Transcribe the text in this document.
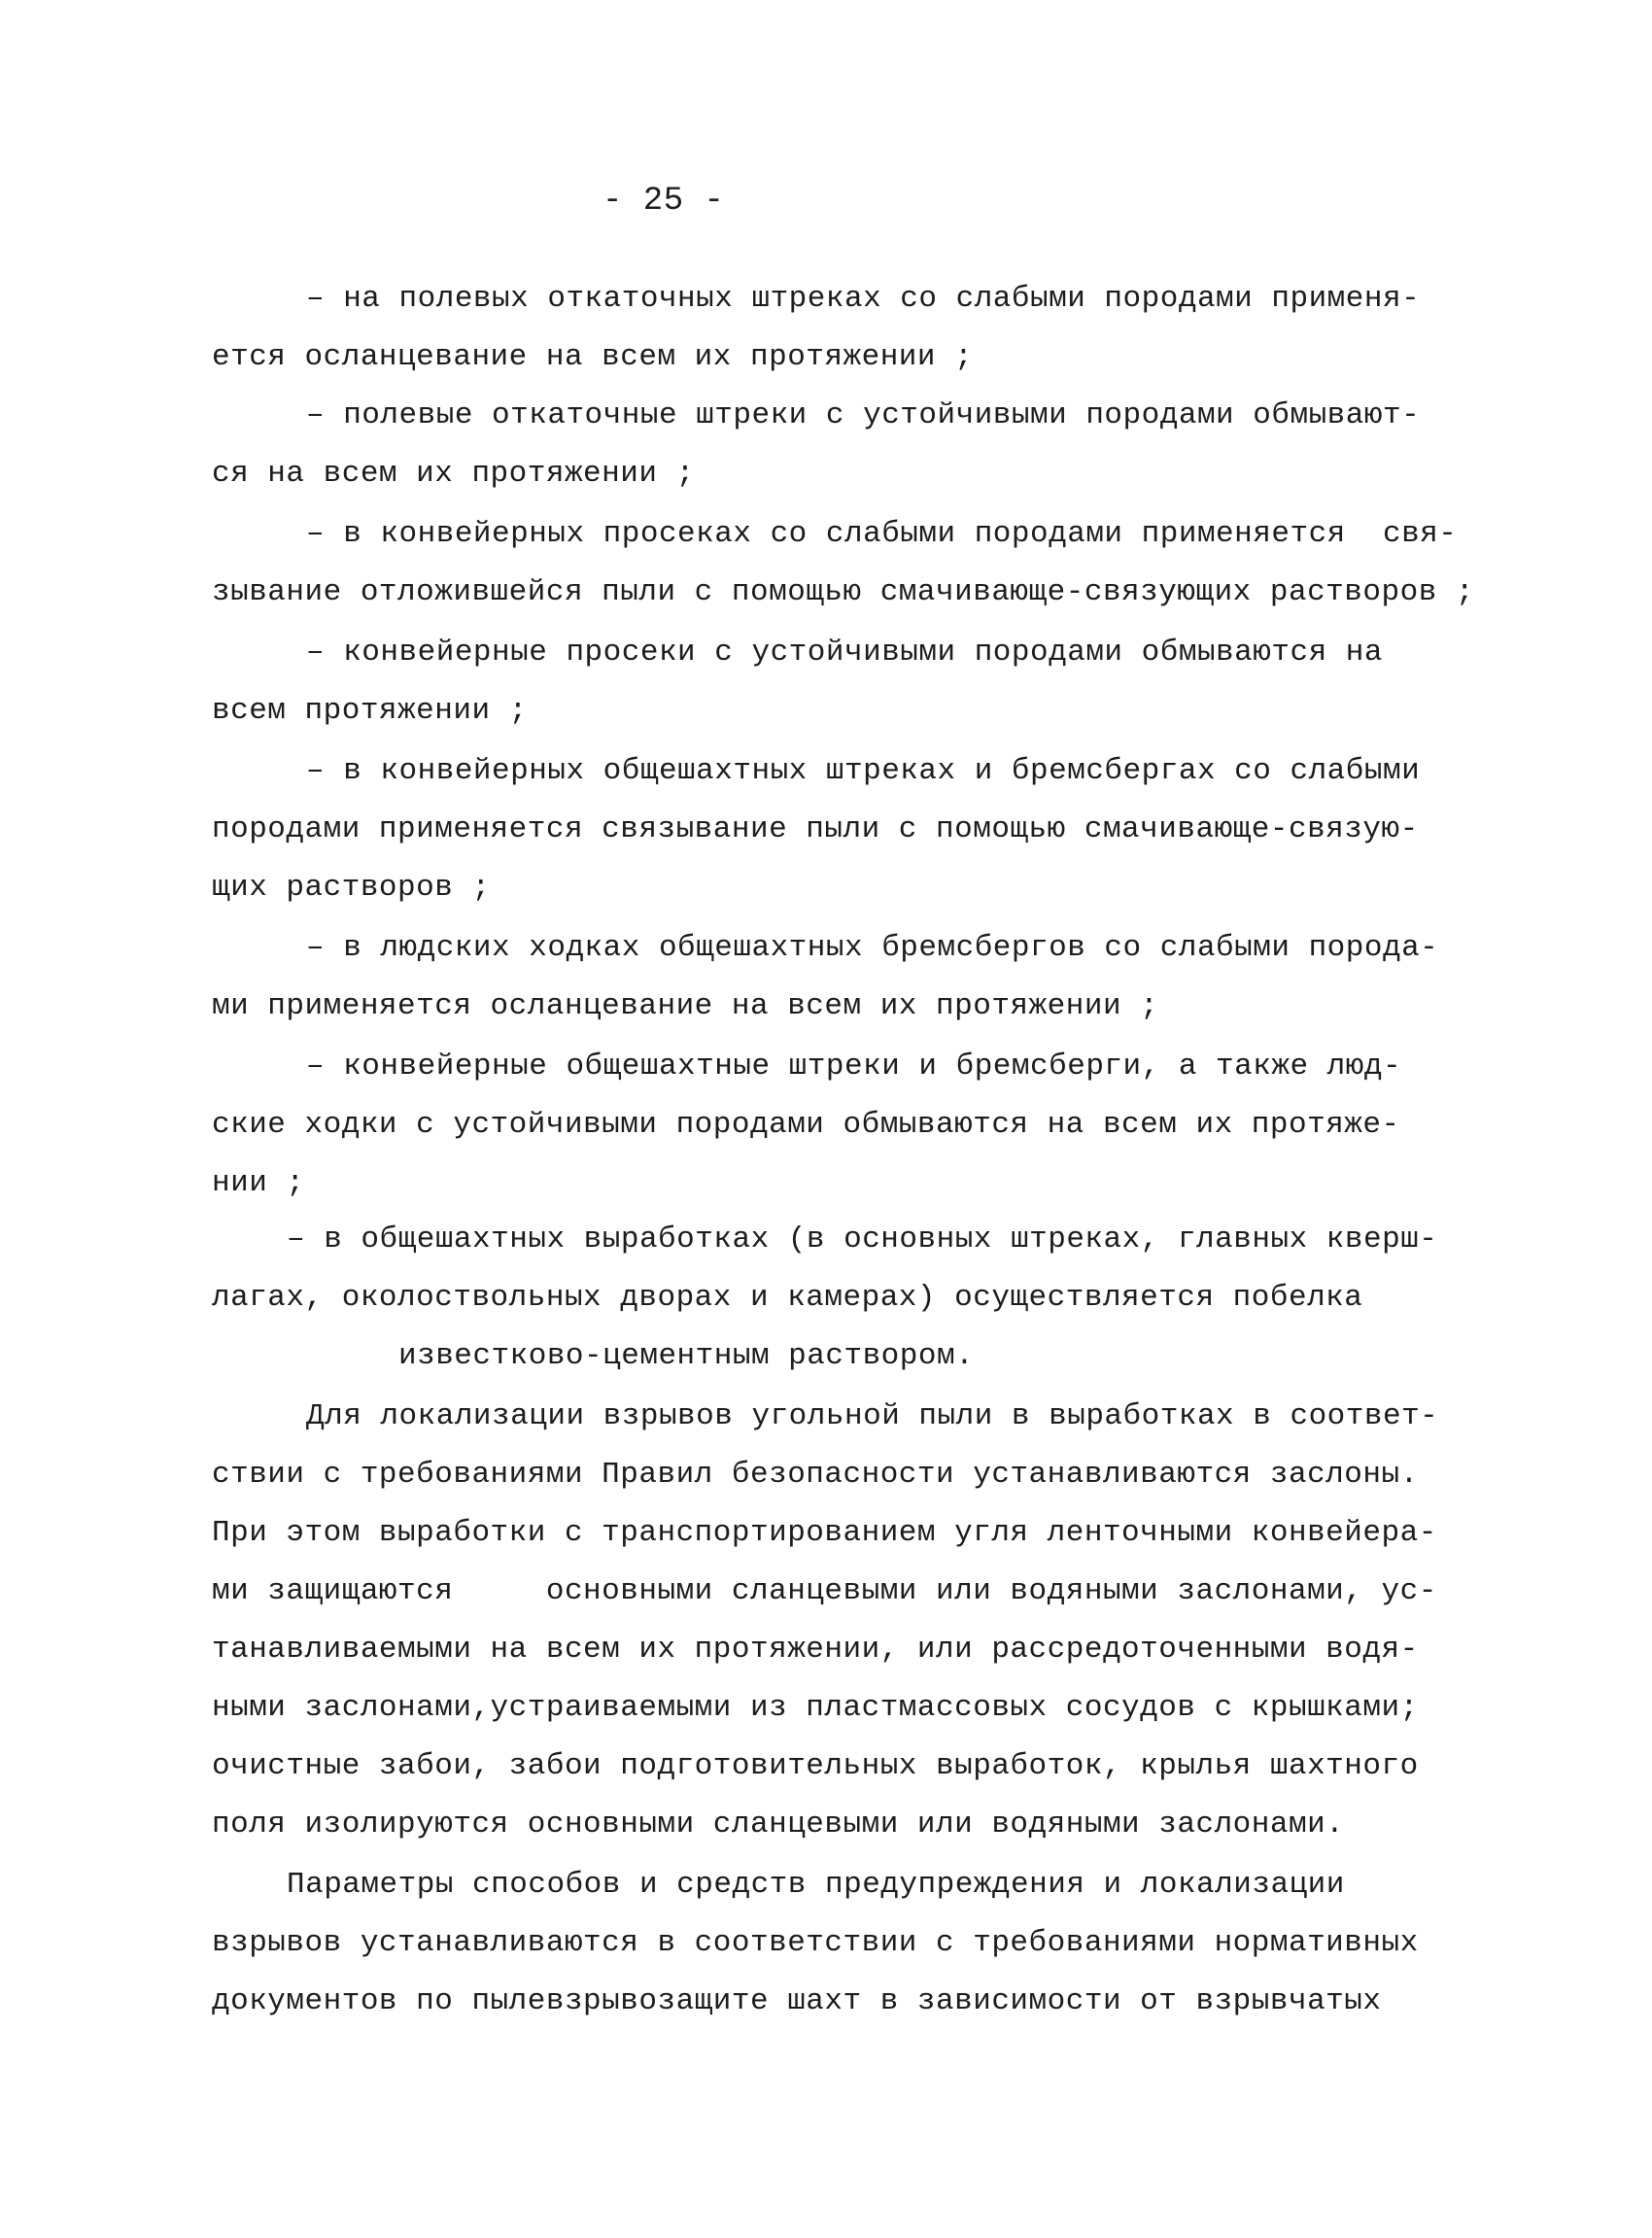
- 25 -
– на полевых откаточных штреках со слабыми породами применя-
ется осланцевание на всем их протяжении ;
– полевые откаточные штреки с устойчивыми породами обмывают-
ся на всем их протяжении ;
– в конвейерных просеках со слабыми породами применяется  свя-
зывание отложившейся пыли с помощью смачивающе-связующих растворов ;
– конвейерные просеки с устойчивыми породами обмываются на
всем протяжении ;
– в конвейерных общешахтных штреках и бремсбергах со слабыми
породами применяется связывание пыли с помощью смачивающе-связую-
щих растворов ;
– в людских ходках общешахтных бремсбергов со слабыми порода-
ми применяется осланцевание на всем их протяжении ;
– конвейерные общешахтные штреки и бремсберги, а также люд-
ские ходки с устойчивыми породами обмываются на всем их протяже-
нии ;
– в общешахтных выработках (в основных штреках, главных кверш-
лагах, околоствольных дворах и камерах) осуществляется побелка
известково-цементным раствором.
Для локализации взрывов угольной пыли в выработках в соответ-
ствии с требованиями Правил безопасности устанавливаются заслоны.
При этом выработки с транспортированием угля ленточными конвейера-
ми защищаются     основными сланцевыми или водяными заслонами, ус-
танавливаемыми на всем их протяжении, или рассредоточенными водя-
ными заслонами,устраиваемыми из пластмассовых сосудов с крышками;
очистные забои, забои подготовительных выработок, крылья шахтного
поля изолируются основными сланцевыми или водяными заслонами.
Параметры способов и средств предупреждения и локализации
взрывов устанавливаются в соответствии с требованиями нормативных
документов по пылевзрывозащите шахт в зависимости от взрывчатых
